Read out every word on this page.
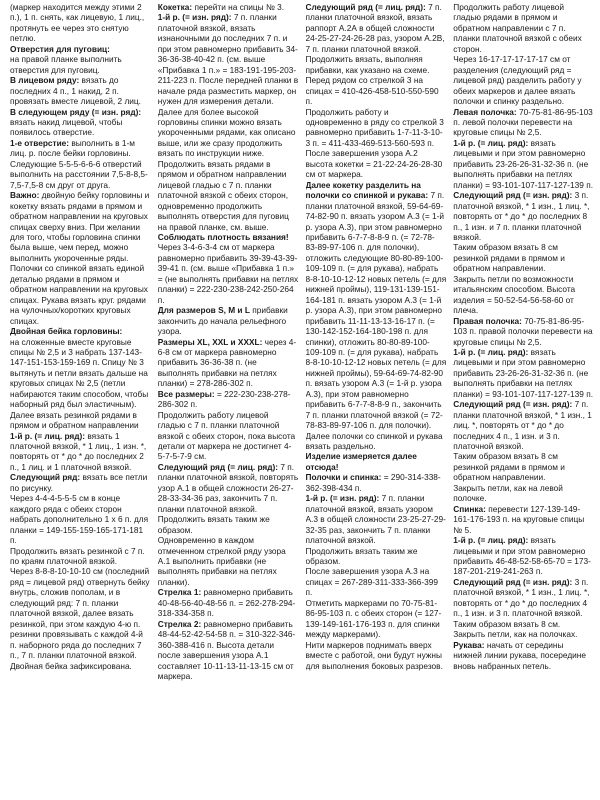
(маркер находится между этими 2 п.), 1 п. снять, как лицевую, 1 лиц., протянуть ее через это снятую петлю.

Отверстия для пуговиц:

на правой планке выполнить отверстия для пуговиц.

В лицевом ряду: вязать до последних 4 п., 1 накид, 2 п. провязать вместе лицевой, 2 лиц.

В следующем ряду (= изн. ряд): вязать накид лицевой, чтобы появилось отверстие.

1-е отверстие: выполнить в 1-м лиц. р. после бейки горловины. Следующие 5-5-5-6-6-6 отверстий выполнить на расстоянии 7,5-8-8,5-7,5-7,5-8 см друг от друга.

Важно: двойную бейку горловины и кокетку вязать рядами в прямом и обратном направлении на круговых спицах сверху вниз. При желании для того, чтобы горловина спинки была выше, чем перед, можно выполнить укороченные ряды. Полочки со спинкой вязать единой деталью рядами в прямом и обратном направлении на круговых спицах. Рукава вязать круг. рядами на чулочных/коротких круговых спицах.

Двойная бейка горловины:

на сложенные вместе круговые спицы № 2,5 и 3 набрать 137-143-147-151-153-159-169 п. Спицу № 3 вытянуть и петли вязать дальше на круговых спицах № 2,5 (петли набираются таким способом, чтобы наборный ряд был эластичным). Далее вязать резинкой рядами в прямом и обратном направлении

1-й р. (= лиц. ряд): вязать 1 платочной вязкой, * 1 лиц., 1 изн. *, повторять от * до * до последних 2 п., 1 лиц. и 1 платочной вязкой.

Следующий ряд: вязать все петли по рисунку.

Через 4-4-4-5-5-5 см в конце каждого ряда с обеих сторон набрать дополнительно 1 х 6 п. для планки = 149-155-159-165-171-181 п.

Продолжить вязать резинкой с 7 п. по краям платочной вязкой.

Через 8-8-8-10-10-10 см (последний ряд = лицевой ряд) отвернуть бейку внутрь, сложив пополам, и в следующий ряд: 7 п. планки платочной вязкой, далее вязать резинкой, при этом каждую 4-ю п. резинки провязывать с каждой 4-й п. наборного ряда до последних 7 п., 7 п. планки платочной вязкой. Двойная бейка зафиксирована.

Кокетка: перейти на спицы № 3.

1-й р. (= изн. ряд): 7 п. планки платочной вязкой, вязать изнаночными до последних 7 п. и при этом равномерно прибавить 34-36-36-38-40-42 п. (см. выше «Прибавка 1 п.» = 183-191-195-203-211-223 п. После передней планки в начале ряда разместить маркер, он нужен для измерения детали.

Далее для более высокой горловины спинки можно вязать укороченными рядами, как описано выше, или же сразу продолжить вязать по инструкции ниже.

Продолжить вязать рядами в прямом и обратном направлении лицевой гладью с 7 п. планки платочной вязкой с обеих сторон, одновременно продолжить выполнять отверстия для пуговиц на правой планке, см. выше. Соблюдать плотность вязания!

Через 3-4-6-3-4 см от маркера равномерно прибавить 39-39-43-39-39-41 п. (см. выше «Прибавка 1 п.» = (не выполнять прибавки на петлях планки) = 222-230-238-242-250-264 п.

Для размеров S, M и L прибавки закончить до начала рельефного узора.

Размеры XL, XXL и XXXL: через 4-6-8 см от маркера равномерно прибавить 36-36-38 п. (не выполнять прибавки на петлях планки) = 278-286-302 п.

Все размеры: = 222-230-238-278-286-302 п.

Продолжить работу лицевой гладью с 7 п. планки платочной вязкой с обеих сторон, пока высота детали от маркера не достигнет 4-5-7-5-7-9 см.

Следующий ряд (= лиц. ряд): 7 п. планки платочной вязкой, повторять узор А.1 в общей сложности 26-27-28-33-34-36 раз, закончить 7 п. планки платочной вязкой.

Продолжить вязать таким же образом.

Одновременно в каждом отмеченном стрелкой ряду узора А.1 выполнить прибавки (не выполнять прибавки на петлях планки).

Стрелка 1: равномерно прибавить 40-48-56-40-48-56 п. = 262-278-294-318-334-358 п.

Стрелка 2: равномерно прибавить 48-44-52-42-54-58 п. = 310-322-346-360-388-416 п. Высота детали после завершения узора А.1 составляет 10-11-13-11-13-15 см от маркера.

Следующий ряд (= лиц. ряд): 7 п. планки платочной вязкой, вязать раппорт А.2А в общей сложности 24-25-27-24-26-28 раз, узором А.2В, 7 п. планки платочной вязкой.

Продолжить вязать, выполняя прибавки, как указано на схеме.

Перед рядом со стрелкой 3 на спицах = 410-426-458-510-550-590 п.

Продолжить работу и одновременно в ряду со стрелкой 3 равномерно прибавить 1-7-11-3-10-3 п. = 411-433-469-513-560-593 п.

После завершения узора А.2 высота кокетки = 21-22-24-26-28-30 см от маркера.

Далее кокетку разделить на полочки со спинкой и рукава: 7 п. планки платочной вязкой, 59-64-69-74-82-90 п. вязать узором А.3 (= 1-й р. узора А.3), при этом равномерно прибавить 6-7-7-8-8-9 п. (= 72-78-83-89-97-106 п. для полочки), отложить следующие 80-80-89-100-109-109 п. (= для рукава), набрать 8-8-10-10-12-12 новых петель (= для нижней проймы), 119-131-139-151-164-181 п. вязать узором А.3 (= 1-й р. узора А.3), при этом равномерно прибавить 11-11-13-13-16-17 п. (= 130-142-152-164-180-198 п. для спинки), отложить 80-80-89-100-109-109 п. (= для рукава), набрать 8-8-10-10-12-12 новых петель (= для нижней проймы), 59-64-69-74-82-90 п. вязать узором А.3 (= 1-й р. узора А.3), при этом равномерно прибавить 6-7-7-8-8-9 п., закончить 7 п. планки платочной вязкой (= 72-78-83-89-97-106 п. для полочки).

Далее полочки со спинкой и рукава вязать раздельно.

Изделие измеряется далее отсюда!

Полочки и спинка: = 290-314-338-362-398-434 п.

1-й р. (= изн. ряд): 7 п. планки платочной вязкой, вязать узором А.3 в общей сложности 23-25-27-29-32-35 раз, закончить 7 п. планки платочной вязкой.

Продолжить вязать таким же образом.

После завершения узора А.3 на спицах = 267-289-311-333-366-399 п.

Отметить маркерами по 70-75-81-86-95-103 п. с обеих сторон (= 127-139-149-161-176-193 п. для спинки между маркерами).

Нити маркеров поднимать вверх вместе с работой, они будут нужны для выполнения боковых разрезов.

Продолжить работу лицевой гладью рядами в прямом и обратном направлении с 7 п. планки платочной вязкой с обеих сторон.

Через 16-17-17-17-17-17 см от разделения (следующий ряд = лицевой ряд) разделить работу у обеих маркеров и далее вязать полочки и спинку раздельно.

Левая полочка: 70-75-81-86-95-103 п. левой полочки перевести на круговые спицы № 2,5.

1-й р. (= лиц. ряд): вязать лицевыми и при этом равномерно прибавить 23-26-26-31-32-36 п. (не выполнять прибавки на петлях планки) = 93-101-107-117-127-139 п.

Следующий ряд (= изн. ряд): 3 п. платочной вязкой, * 1 изн., 1 лиц. *, повторять от * до * до последних 8 п., 1 изн. и 7 п. планки платочной вязкой.

Таким образом вязать 8 см резинкой рядами в прямом и обратном направлении.

Закрыть петли по возможности итальянским способом. Высота изделия = 50-52-54-56-58-60 от плеча.

Правая полочка: 70-75-81-86-95-103 п. правой полочки перевести на круговые спицы № 2,5.

1-й р. (= лиц. ряд): вязать лицевыми и при этом равномерно прибавить 23-26-26-31-32-36 п. (не выполнять прибавки на петлях планки) = 93-101-107-117-127-139 п.

Следующий ряд (= изн. ряд): 7 п. планки платочной вязкой, * 1 изн., 1 лиц. *, повторять от * до * до последних 4 п., 1 изн. и 3 п. платочной вязкой.

Таким образом вязать 8 см резинкой рядами в прямом и обратном направлении.

Закрыть петли, как на левой полочке.

Спинка: перевести 127-139-149-161-176-193 п. на круговые спицы № 5.

1-й р. (= лиц. ряд): вязать лицевыми и при этом равномерно прибавить 46-48-52-58-65-70 = 173-187-201-219-241-263 п.

Следующий ряд (= изн. ряд): 3 п. платочной вязкой, * 1 изн., 1 лиц. *, повторять от * до * до последних 4 п., 1 изн. и 3 п. платочной вязкой.

Таким образом вязать 8 см.

Закрыть петли, как на полочках.

Рукава: начать от середины нижней линии рукава, посередине вновь набранных петель.
